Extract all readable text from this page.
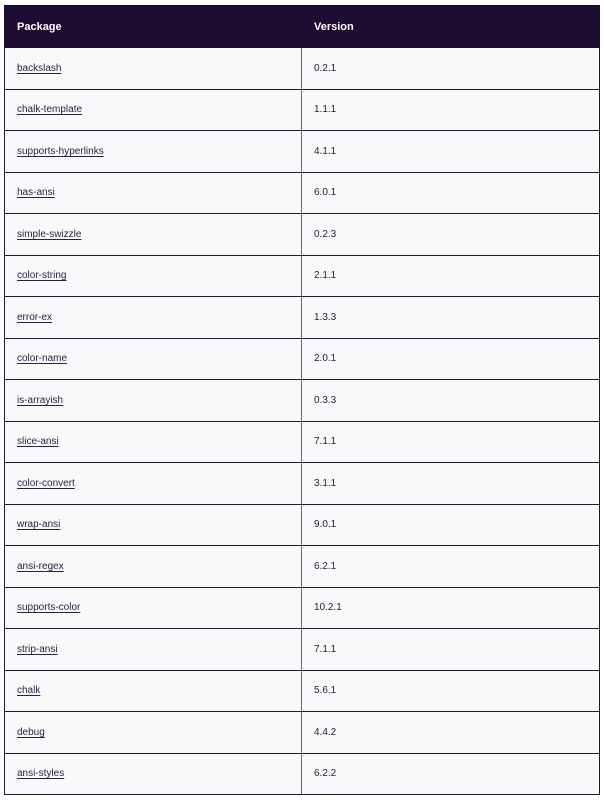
Package	Version
backslash	0.2.1
chalk-template	1.1.1
supports-hyperlinks	4.1.1
has-ansi	6.0.1
simple-swizzle	0.2.3
color-string	2.1.1
error-ex	1.3.3
color-name	2.0.1
is-arrayish	0.3.3
slice-ansi	7.1.1
color-convert	3.1.1
wrap-ansi	9.0.1
ansi-regex	6.2.1
supports-color	10.2.1
strip-ansi	7.1.1
chalk	5.6.1
debug	4.4.2
ansi-styles	6.2.2
